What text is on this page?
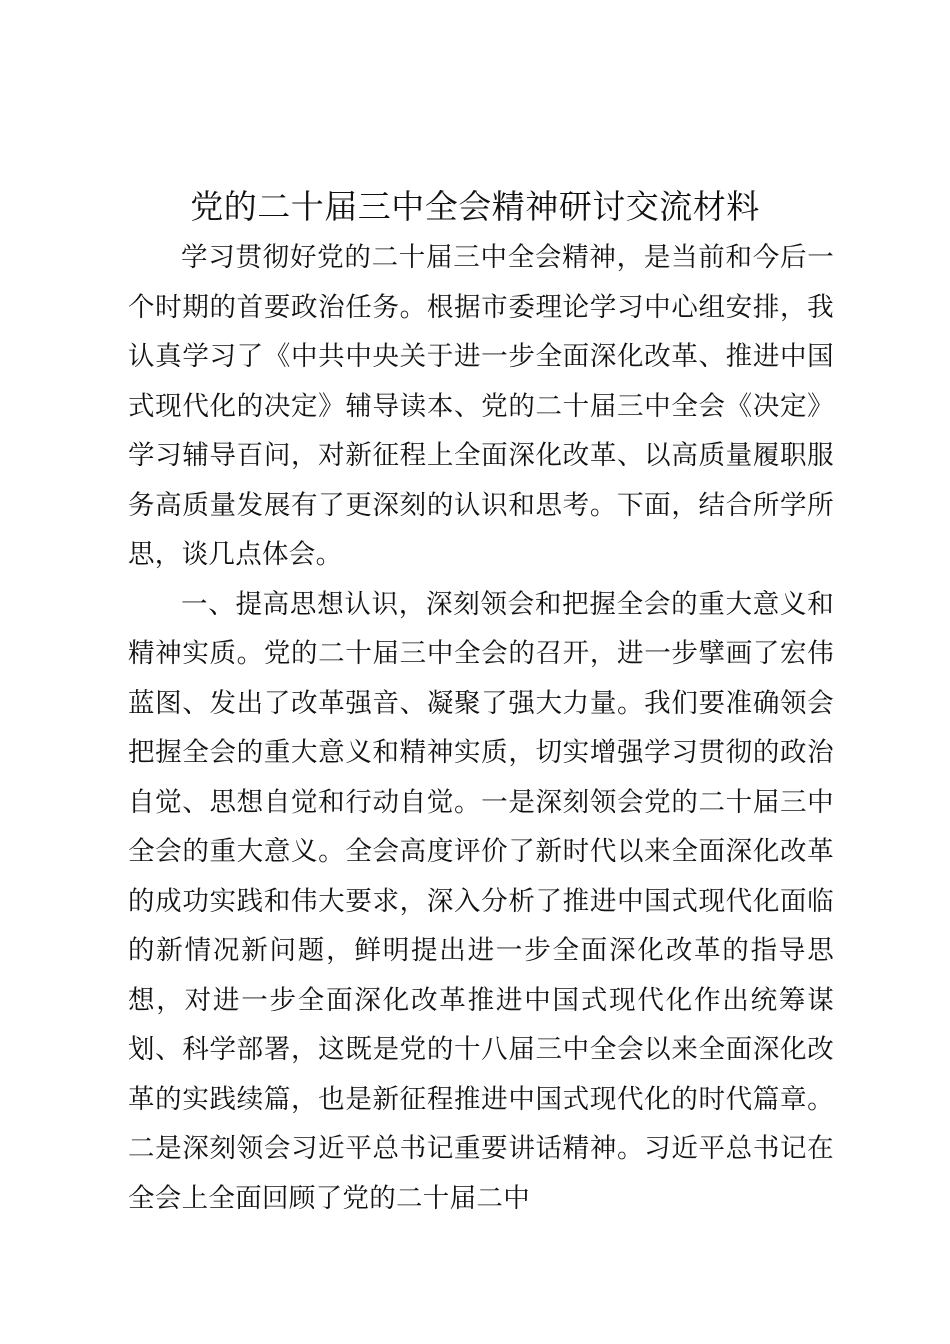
党的二十届三中全会精神研讨交流材料

学习贯彻好党的二十届三中全会精神，是当前和今后一个时期的首要政治任务。根据市委理论学习中心组安排，我认真学习了《中共中央关于进一步全面深化改革、推进中国式现代化的决定》辅导读本、党的二十届三中全会《决定》学习辅导百问，对新征程上全面深化改革、以高质量履职服务高质量发展有了更深刻的认识和思考。下面，结合所学所思，谈几点体会。

一、提高思想认识，深刻领会和把握全会的重大意义和精神实质。党的二十届三中全会的召开，进一步擘画了宏伟蓝图、发出了改革强音、凝聚了强大力量。我们要准确领会把握全会的重大意义和精神实质，切实增强学习贯彻的政治自觉、思想自觉和行动自觉。一是深刻领会党的二十届三中全会的重大意义。全会高度评价了新时代以来全面深化改革的成功实践和伟大要求，深入分析了推进中国式现代化面临的新情况新问题，鲜明提出进一步全面深化改革的指导思想，对进一步全面深化改革推进中国式现代化作出统筹谋划、科学部署，这既是党的十八届三中全会以来全面深化改革的实践续篇，也是新征程推进中国式现代化的时代篇章。二是深刻领会习近平总书记重要讲话精神。习近平总书记在全会上全面回顾了党的二十届二中
